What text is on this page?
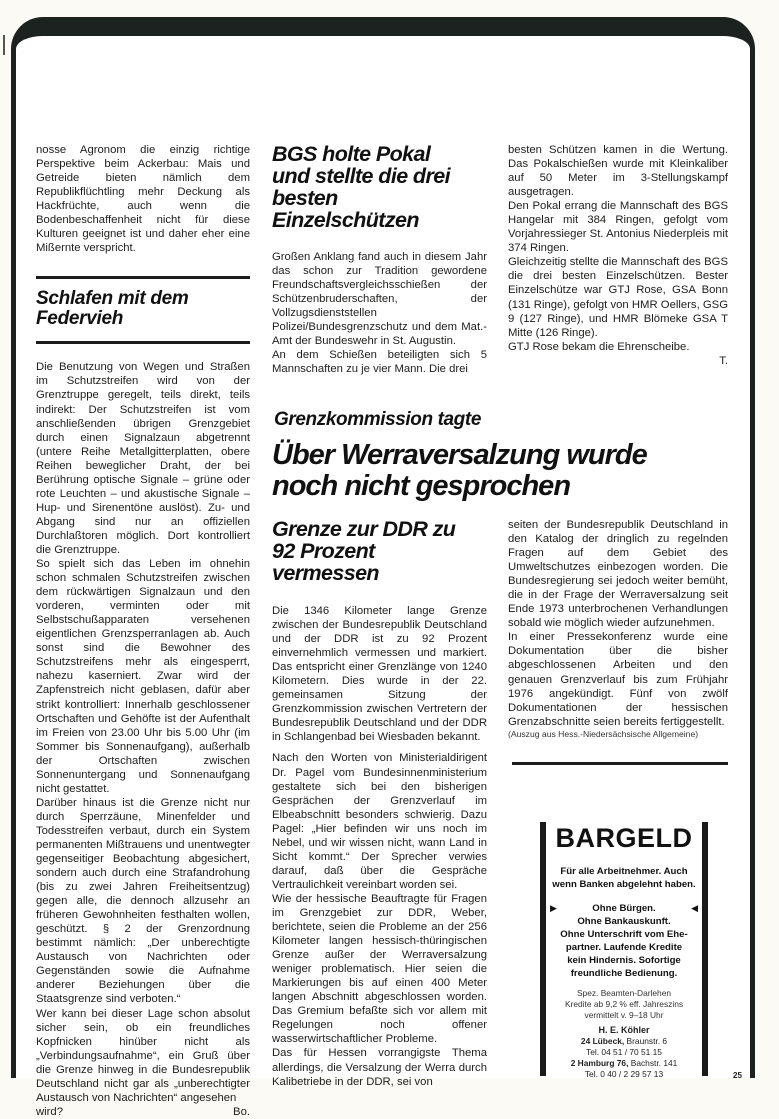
nosse Agronom die einzig richtige Perspektive beim Ackerbau: Mais und Getreide bieten nämlich dem Republikflüchtling mehr Deckung als Hackfrüchte, auch wenn die Bodenbeschaffenheit nicht für diese Kulturen geeignet ist und daher eher eine Mißernte verspricht.

Schlafen mit dem Federvieh

Die Benutzung von Wegen und Straßen im Schutzstreifen wird von der Grenztruppe geregelt, teils direkt, teils indirekt: Der Schutzstreifen ist vom anschließenden übrigen Grenzgebiet durch einen Signalzaun abgetrennt (untere Reihe Metallgitterplatten, obere Reihen beweglicher Draht, der bei Berührung optische Signale – grüne oder rote Leuchten – und akustische Signale – Hup- und Sirenentöne auslöst). Zu- und Abgang sind nur an offiziellen Durchlaßtoren möglich. Dort kontrolliert die Grenztruppe.

So spielt sich das Leben im ohnehin schon schmalen Schutzstreifen zwischen dem rückwärtigen Signalzaun und den vorderen, verminten oder mit Selbstschußapparaten versehenen eigentlichen Grenzsperranlagen ab. Auch sonst sind die Bewohner des Schutzstreifens mehr als eingesperrt, nahezu kaserniert. Zwar wird der Zapfenstreich nicht geblasen, dafür aber strikt kontrolliert: Innerhalb geschlossener Ortschaften und Gehöfte ist der Aufenthalt im Freien von 23.00 Uhr bis 5.00 Uhr (im Sommer bis Sonnenaufgang), außerhalb der Ortschaften zwischen Sonnenuntergang und Sonnenaufgang nicht gestattet.

Darüber hinaus ist die Grenze nicht nur durch Sperrzäune, Minenfelder und Todesstreifen verbaut, durch ein System permanenten Mißtrauens und unentwegter gegenseitiger Beobachtung abgesichert, sondern auch durch eine Strafandrohung (bis zu zwei Jahren Freiheitsentzug) gegen alle, die dennoch allzusehr an früheren Gewohnheiten festhalten wollen, geschützt. § 2 der Grenzordnung bestimmt nämlich: „Der unberechtigte Austausch von Nachrichten oder Gegenständen sowie die Aufnahme anderer Beziehungen über die Staatsgrenze sind verboten.“

Wer kann bei dieser Lage schon absolut sicher sein, ob ein freundliches Kopfnicken hinüber nicht als „Verbindungsaufnahme“, ein Gruß über die Grenze hinweg in die Bundesrepublik Deutschland nicht gar als „unberechtigter Austausch von Nachrichten“ angesehen

wird?	Bo.
BGS holte Pokal und stellte die drei besten Einzelschützen

Großen Anklang fand auch in diesem Jahr das schon zur Tradition gewordene Freundschaftsvergleichsschießen der Schützenbruderschaften, der Vollzugsdienststellen Polizei/Bundesgrenzschutz und dem Mat.-Amt der Bundeswehr in St. Augustin.

An dem Schießen beteiligten sich 5 Mannschaften zu je vier Mann. Die drei

besten Schützen kamen in die Wertung. Das Pokalschießen wurde mit Kleinkaliber auf 50 Meter im 3-Stellungskampf ausgetragen.

Den Pokal errang die Mannschaft des BGS Hangelar mit 384 Ringen, gefolgt vom Vorjahressieger St. Antonius Niederpleis mit 374 Ringen.

Gleichzeitig stellte die Mannschaft des BGS die drei besten Einzelschützen. Bester Einzelschütze war GTJ Rose, GSA Bonn (131 Ringe), gefolgt von HMR Oellers, GSG 9 (127 Ringe), und HMR Blömeke GSA T Mitte (126 Ringe).

GTJ Rose bekam die Ehrenscheibe.

T.

Grenzkommission tagte
Über Werraversalzung wurde
noch nicht gesprochen
Grenze zur DDR zu 92 Prozent vermessen

Die 1346 Kilometer lange Grenze zwischen der Bundesrepublik Deutschland und der DDR ist zu 92 Prozent einvernehmlich vermessen und markiert. Das entspricht einer Grenzlänge von 1240 Kilometern. Dies wurde in der 22. gemeinsamen Sitzung der Grenzkommission zwischen Vertretern der Bundesrepublik Deutschland und der DDR in Schlangenbad bei Wiesbaden bekannt.

Nach den Worten von Ministerialdirigent Dr. Pagel vom Bundesinnenministerium gestaltete sich bei den bisherigen Gesprächen der Grenzverlauf im Elbeabschnitt besonders schwierig. Dazu Pagel: „Hier befinden wir uns noch im Nebel, und wir wissen nicht, wann Land in Sicht kommt.“ Der Sprecher verwies darauf, daß über die Gespräche Vertraulichkeit vereinbart worden sei.

Wie der hessische Beauftragte für Fragen im Grenzgebiet zur DDR, Weber, berichtete, seien die Probleme an der 256 Kilometer langen hessisch-thüringischen Grenze außer der Werraversalzung weniger problematisch. Hier seien die Markierungen bis auf einen 400 Meter langen Abschnitt abgeschlossen worden. Das Gremium befaßte sich vor allem mit Regelungen noch offener wasserwirtschaftlicher Probleme.

Das für Hessen vorrangigste Thema allerdings, die Versalzung der Werra durch Kalibetriebe in der DDR, sei von

seiten der Bundesrepublik Deutschland in den Katalog der dringlich zu regelnden Fragen auf dem Gebiet des Umweltschutzes einbezogen worden. Die Bundesregierung sei jedoch weiter bemüht, die in der Frage der Werraversalzung seit Ende 1973 unterbrochenen Verhandlungen sobald wie möglich wieder aufzunehmen.

In einer Pressekonferenz wurde eine Dokumentation über die bisher abgeschlossenen Arbeiten und den genauen Grenzverlauf bis zum Frühjahr 1976 angekündigt. Fünf von zwölf Dokumentationen der hessischen Grenzabschnitte seien bereits fertiggestellt.

(Auszug aus Hess.-Niedersächsische Allgemeine)

BARGELD
Für alle Arbeitnehmer. Auch
wenn Banken abgelehnt haben.
▶	Ohne Bürgen.	◀
Ohne Bankauskunft.
Ohne Unterschrift vom Ehe-
partner. Laufende Kredite
kein Hindernis. Sofortige
freundliche Bedienung.
Spez. Beamten-Darlehen
Kredite ab 9,2 % eff. Jahreszins
vermittelt v. 9–18 Uhr
H. E. Köhler
24 Lübeck, Braunstr. 6
Tel. 04 51 / 70 51 15
2 Hamburg 76, Bachstr. 141
Tel. 0 40 / 2 29 57 13	25
